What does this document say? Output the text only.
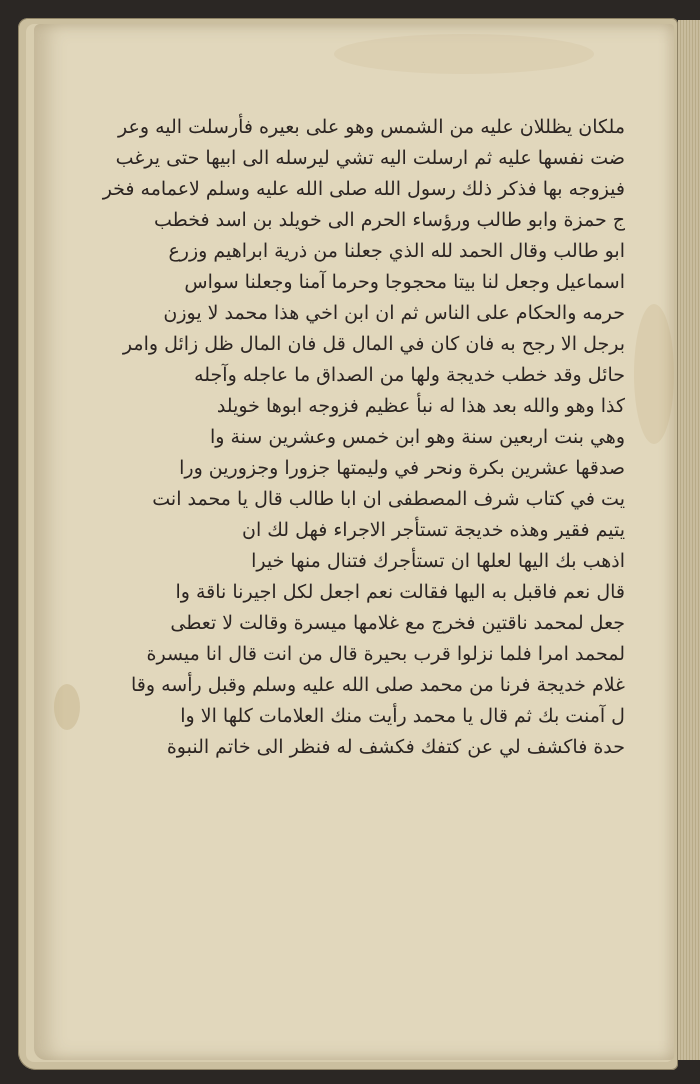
ملكان يظللان عليه من الشمس وهو على بعيره فأرسلت اليه وعر
ضت نفسها عليه ثم ارسلت اليه تشي ليرسله الى ابيها حتى يرغب
فيزوجه بها فذكر ذلك رسول الله صلى الله عليه وسلم لاعمامه فخر
ج حمزة وابو طالب ورؤساء الحرم الى خويلد بن اسد فخطب
ابو طالب وقال الحمد لله الذي جعلنا من ذرية ابراهيم وزرع
اسماعيل وجعل لنا بيتا محجوجا وحرما آمنا وجعلنا سواس
حرمه والحكام على الناس ثم ان ابن اخي هذا محمد لا يوزن
برجل الا رجح به فان كان في المال قل فان المال ظل زائل وامر
حائل وقد خطب خديجة ولها من الصداق ما عاجله وآجله
كذا وهو والله بعد هذا له نبأ عظيم فزوجه ابوها خويلد
وهي بنت اربعين سنة وهو ابن خمس وعشرين سنة وا
صدقها عشرين بكرة ونحر في وليمتها جزورا وجزورين ورا
يت في كتاب شرف المصطفى ان ابا طالب قال يا محمد انت
يتيم فقير وهذه خديجة تستأجر الاجراء فهل لك ان
اذهب بك اليها لعلها ان تستأجرك فتنال منها خيرا
قال نعم فاقبل به اليها فقالت نعم اجعل لكل اجيرنا ناقة وا
جعل لمحمد ناقتين فخرج مع غلامها ميسرة وقالت لا تعطى
لمحمد امرا فلما نزلوا قرب بحيرة قال من انت قال انا ميسرة
غلام خديجة فرنا من محمد صلى الله عليه وسلم وقبل رأسه وقا
ل آمنت بك ثم قال يا محمد رأيت منك العلامات كلها الا وا
حدة فاكشف لي عن كتفك فكشف له فنظر الى خاتم النبوة
